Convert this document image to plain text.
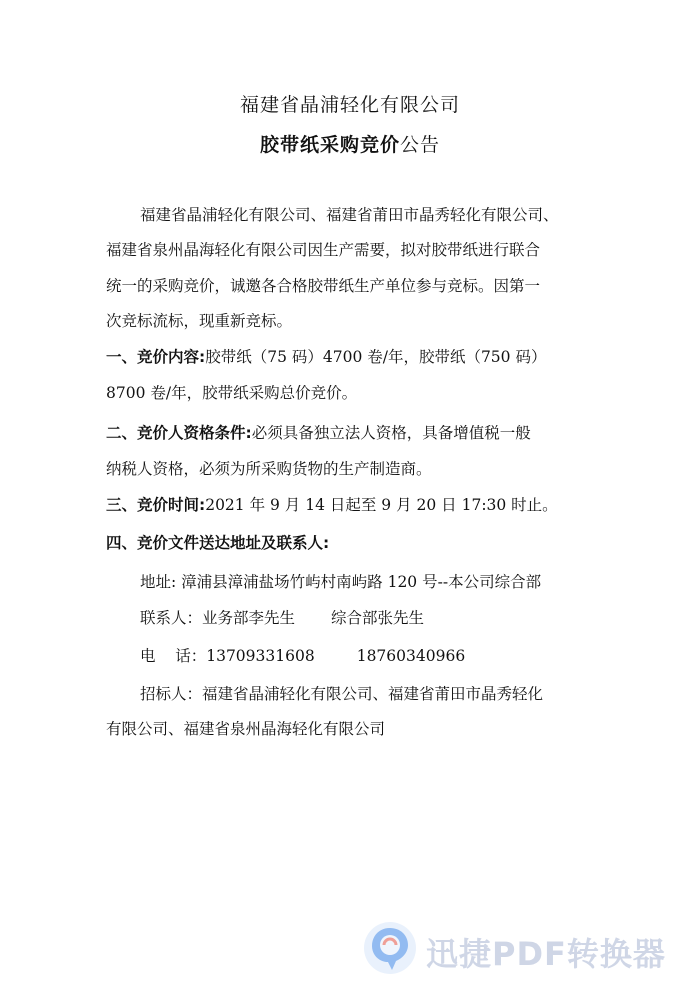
福建省晶浦轻化有限公司
胶带纸采购竞价公告
福建省晶浦轻化有限公司、福建省莆田市晶秀轻化有限公司、
福建省泉州晶海轻化有限公司因生产需要，拟对胶带纸进行联合
统一的采购竞价，诚邀各合格胶带纸生产单位参与竞标。因第一
次竞标流标，现重新竞标。
一、竞价内容:胶带纸（75 码）4700 卷/年，胶带纸（750 码）
8700 卷/年，胶带纸采购总价竞价。
二、竞价人资格条件:必须具备独立法人资格，具备增值税一般
纳税人资格，必须为所采购货物的生产制造商。
三、竞价时间:2021 年 9 月 14 日起至 9 月 20 日 17:30 时止。
四、竞价文件送达地址及联系人:
地址: 漳浦县漳浦盐场竹屿村南屿路 120 号--本公司综合部
联系人：业务部李先生 综合部张先生
电    话：13709331608	18760340966
招标人：福建省晶浦轻化有限公司、福建省莆田市晶秀轻化
有限公司、福建省泉州晶海轻化有限公司
迅捷PDF转换器
